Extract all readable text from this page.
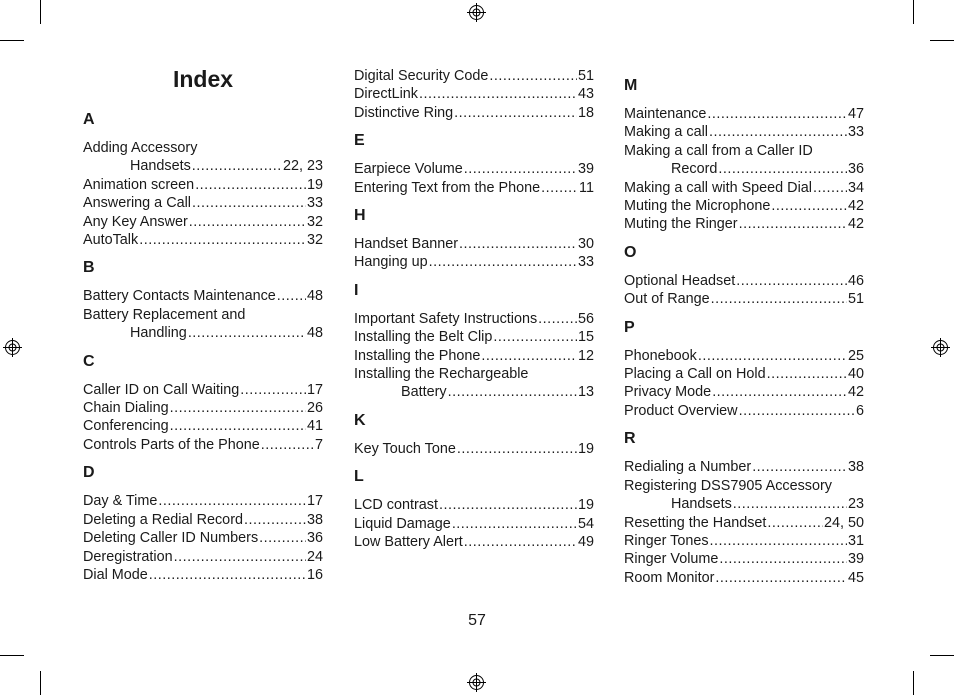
Index
A
Adding Accessory
Handsets .....	22, 23
Animation screen .....	19
Answering a Call .....	33
Any Key Answer .....	32
AutoTalk .....	32
B
Battery Contacts Maintenance ..... 48
Battery Replacement and
Handling .....	48
C
Caller ID on Call Waiting .....	17
Chain Dialing .....	26
Conferencing .....	41
Controls Parts of the Phone .....	7
D
Day & Time .....	17
Deleting a Redial Record .....	38
Deleting Caller ID Numbers .....	36
Deregistration .....	24
Dial Mode .....	16
Digital Security Code .....	51
DirectLink .....	43
Distinctive Ring .....	18
E
Earpiece Volume .....	39
Entering Text from the Phone .....	11
H
Handset Banner .....	30
Hanging up .....	33
I
Important Safety Instructions .....	56
Installing the Belt Clip .....	15
Installing the Phone .....	12
Installing the Rechargeable
Battery .....	13
K
Key Touch Tone .....	19
L
LCD contrast .....	19
Liquid Damage .....	54
Low Battery Alert .....	49
M
Maintenance .....	47
Making a call .....	33
Making a call from a Caller ID
Record .....	36
Making a call with Speed Dial .....	34
Muting the Microphone .....	42
Muting the Ringer .....	42
O
Optional Headset .....	46
Out of Range .....	51
P
Phonebook .....	25
Placing a Call on Hold .....	40
Privacy Mode .....	42
Product Overview .....	6
R
Redialing a Number .....	38
Registering DSS7905 Accessory
Handsets .....	23
Resetting the Handset .....	24, 50
Ringer Tones .....	31
Ringer Volume .....	39
Room Monitor .....	45
57
